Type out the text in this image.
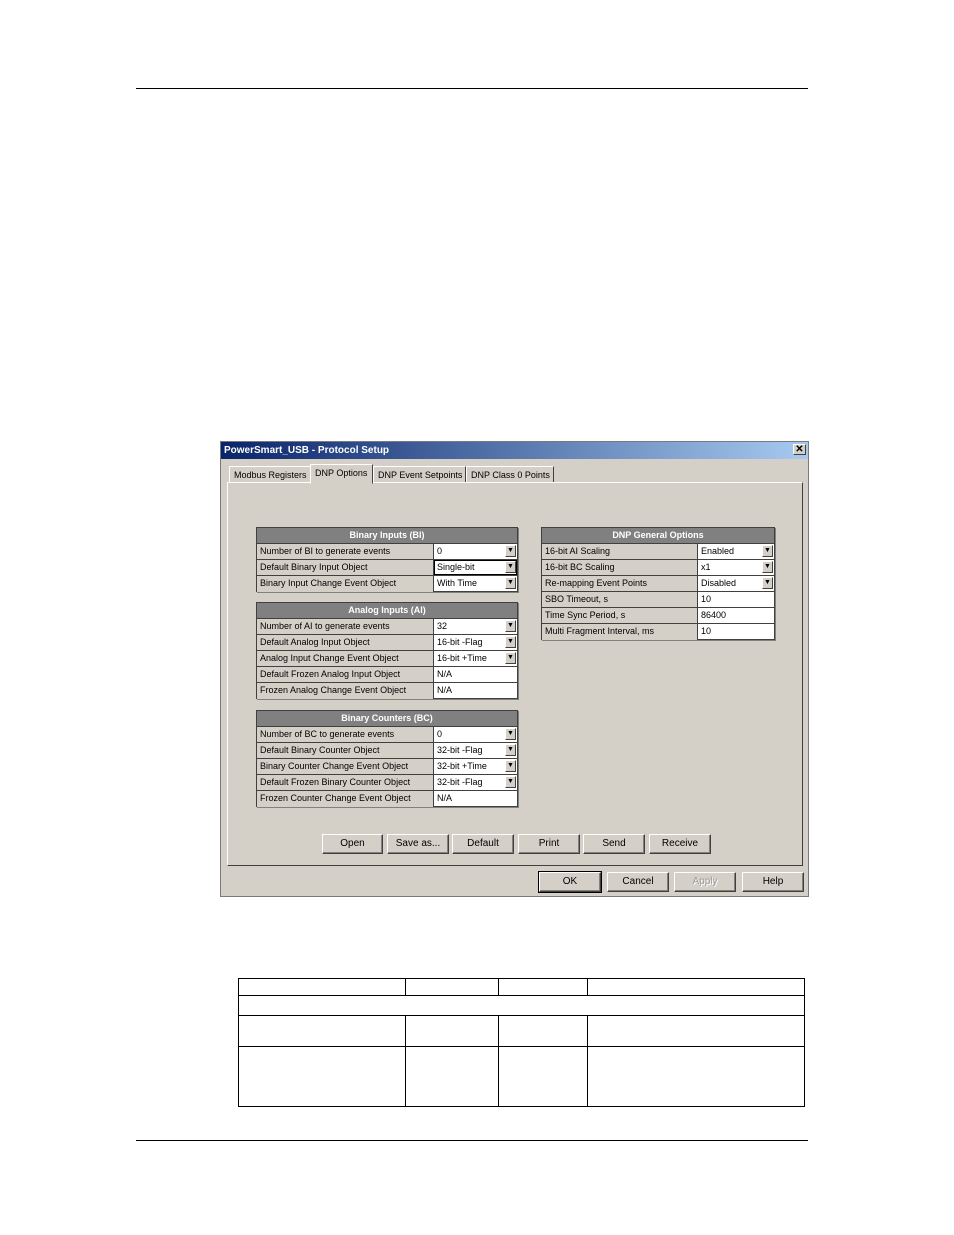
PowerSmart_USB - Protocol Setup	✕
Modbus Registers DNP Options	DNP Event Setpoints DNP Class 0 Points
Binary Inputs (BI)
Number of BI to generate events	0	▼
Default Binary Input Object	Single-bit	▼
Binary Input Change Event Object	With Time	▼
Analog Inputs (AI)
Number of AI to generate events	32	▼
Default Analog Input Object	16-bit -Flag	▼
Analog Input Change Event Object	16-bit +Time	▼
Default Frozen Analog Input Object	N/A
Frozen Analog Change Event Object	N/A
Binary Counters (BC)
Number of BC to generate events	0	▼
Default Binary Counter Object	32-bit -Flag	▼
Binary Counter Change Event Object	32-bit +Time	▼
Default Frozen Binary Counter Object	32-bit -Flag	▼
Frozen Counter Change Event Object	N/A
DNP General Options
16-bit AI Scaling	Enabled	▼
16-bit BC Scaling	x1	▼
Re-mapping Event Points	Disabled	▼
SBO Timeout, s	10
Time Sync Period, s	86400
Multi Fragment Interval, ms	10
Open	Save as...	Default	Print	Send	Receive
OK	Cancel	Apply	Help
